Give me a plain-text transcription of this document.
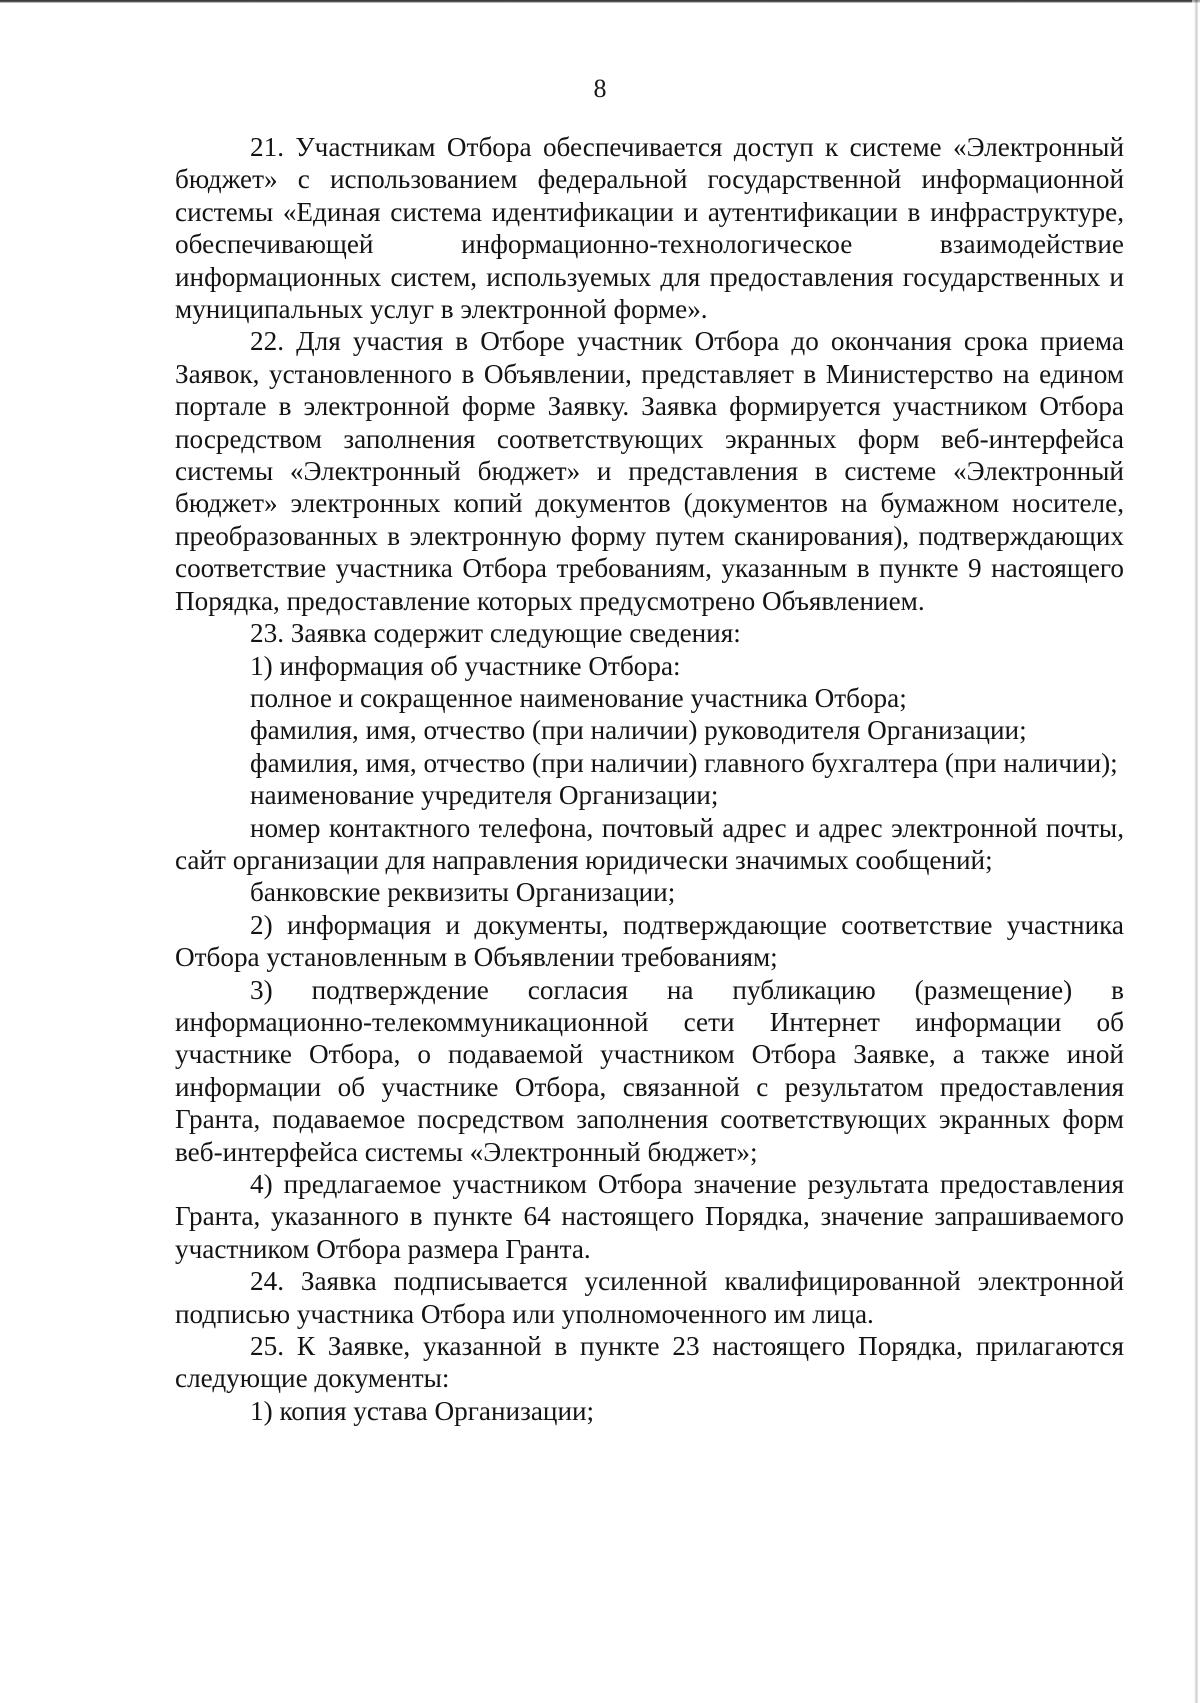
8

21. Участникам Отбора обеспечивается доступ к системе «Электронный бюджет» с использованием федеральной государственной информационной системы «Единая система идентификации и аутентификации в инфраструктуре, обеспечивающей информационно-технологическое взаимодействие информационных систем, используемых для предоставления государственных и муниципальных услуг в электронной форме».

22. Для участия в Отборе участник Отбора до окончания срока приема Заявок, установленного в Объявлении, представляет в Министерство на едином портале в электронной форме Заявку. Заявка формируется участником Отбора посредством заполнения соответствующих экранных форм веб-интерфейса системы «Электронный бюджет» и представления в системе «Электронный бюджет» электронных копий документов (документов на бумажном носителе, преобразованных в электронную форму путем сканирования), подтверждающих соответствие участника Отбора требованиям, указанным в пункте 9 настоящего Порядка, предоставление которых предусмотрено Объявлением.

23. Заявка содержит следующие сведения:

1) информация об участнике Отбора:

полное и сокращенное наименование участника Отбора;

фамилия, имя, отчество (при наличии) руководителя Организации;

фамилия, имя, отчество (при наличии) главного бухгалтера (при наличии);

наименование учредителя Организации;

номер контактного телефона, почтовый адрес и адрес электронной почты, сайт организации для направления юридически значимых сообщений;

банковские реквизиты Организации;

2) информация и документы, подтверждающие соответствие участника Отбора установленным в Объявлении требованиям;

3) подтверждение согласия на публикацию (размещение) в информационно-телекоммуникационной сети Интернет информации об участнике Отбора, о подаваемой участником Отбора Заявке, а также иной информации об участнике Отбора, связанной с результатом предоставления Гранта, подаваемое посредством заполнения соответствующих экранных форм веб-интерфейса системы «Электронный бюджет»;

4) предлагаемое участником Отбора значение результата предоставления Гранта, указанного в пункте 64 настоящего Порядка, значение запрашиваемого участником Отбора размера Гранта.

24. Заявка подписывается усиленной квалифицированной электронной подписью участника Отбора или уполномоченного им лица.

25. К Заявке, указанной в пункте 23 настоящего Порядка, прилагаются следующие документы:

1) копия устава Организации;
